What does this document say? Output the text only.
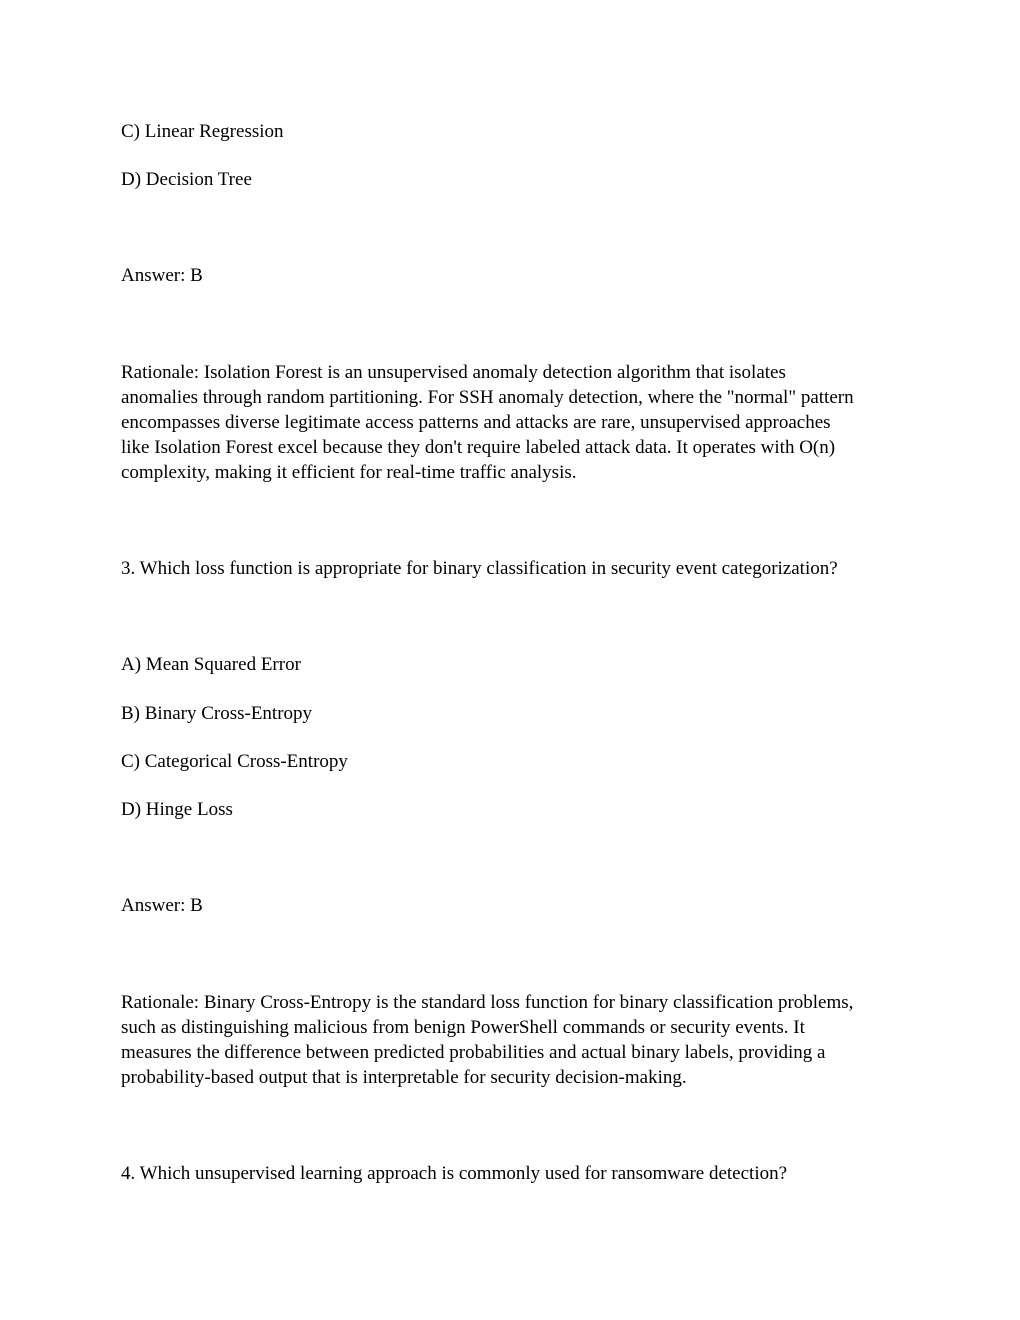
C) Linear Regression
D) Decision Tree
Answer: B
Rationale: Isolation Forest is an unsupervised anomaly detection algorithm that isolates
anomalies through random partitioning. For SSH anomaly detection, where the "normal" pattern
encompasses diverse legitimate access patterns and attacks are rare, unsupervised approaches
like Isolation Forest excel because they don't require labeled attack data. It operates with O(n)
complexity, making it efficient for real-time traffic analysis.
3. Which loss function is appropriate for binary classification in security event categorization?
A) Mean Squared Error
B) Binary Cross-Entropy
C) Categorical Cross-Entropy
D) Hinge Loss
Answer: B
Rationale: Binary Cross-Entropy is the standard loss function for binary classification problems,
such as distinguishing malicious from benign PowerShell commands or security events. It
measures the difference between predicted probabilities and actual binary labels, providing a
probability-based output that is interpretable for security decision-making.
4. Which unsupervised learning approach is commonly used for ransomware detection?
